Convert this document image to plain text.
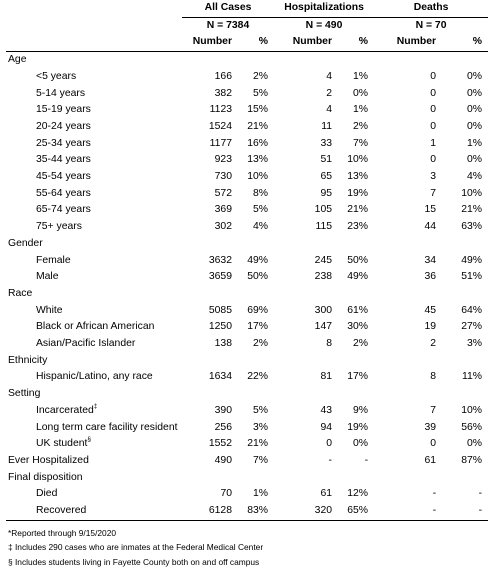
	All Cases		Hospitalizations		Deaths	
	N = 7384		N = 490		N = 70	
	Number	%	Number	%	Number	%
Age						
<5 years	166	2%	4	1%	0	0%
5-14 years	382	5%	2	0%	0	0%
15-19 years	1123	15%	4	1%	0	0%
20-24 years	1524	21%	11	2%	0	0%
25-34 years	1177	16%	33	7%	1	1%
35-44 years	923	13%	51	10%	0	0%
45-54 years	730	10%	65	13%	3	4%
55-64 years	572	8%	95	19%	7	10%
65-74 years	369	5%	105	21%	15	21%
75+ years	302	4%	115	23%	44	63%
Gender						
Female	3632	49%	245	50%	34	49%
Male	3659	50%	238	49%	36	51%
Race						
White	5085	69%	300	61%	45	64%
Black or African American	1250	17%	147	30%	19	27%
Asian/Pacific Islander	138	2%	8	2%	2	3%
Ethnicity						
Hispanic/Latino, any race	1634	22%	81	17%	8	11%
Setting						
Incarcerated‡	390	5%	43	9%	7	10%
Long term care facility resident	256	3%	94	19%	39	56%
UK student§	1552	21%	0	0%	0	0%
Ever Hospitalized	490	7%	-	-	61	87%
Final disposition						
Died	70	1%	61	12%	-	-
Recovered	6128	83%	320	65%	-	-
*Reported through 9/15/2020
‡ Includes 290 cases who are inmates at the Federal Medical Center
§ Includes students living in Fayette County both on and off campus
